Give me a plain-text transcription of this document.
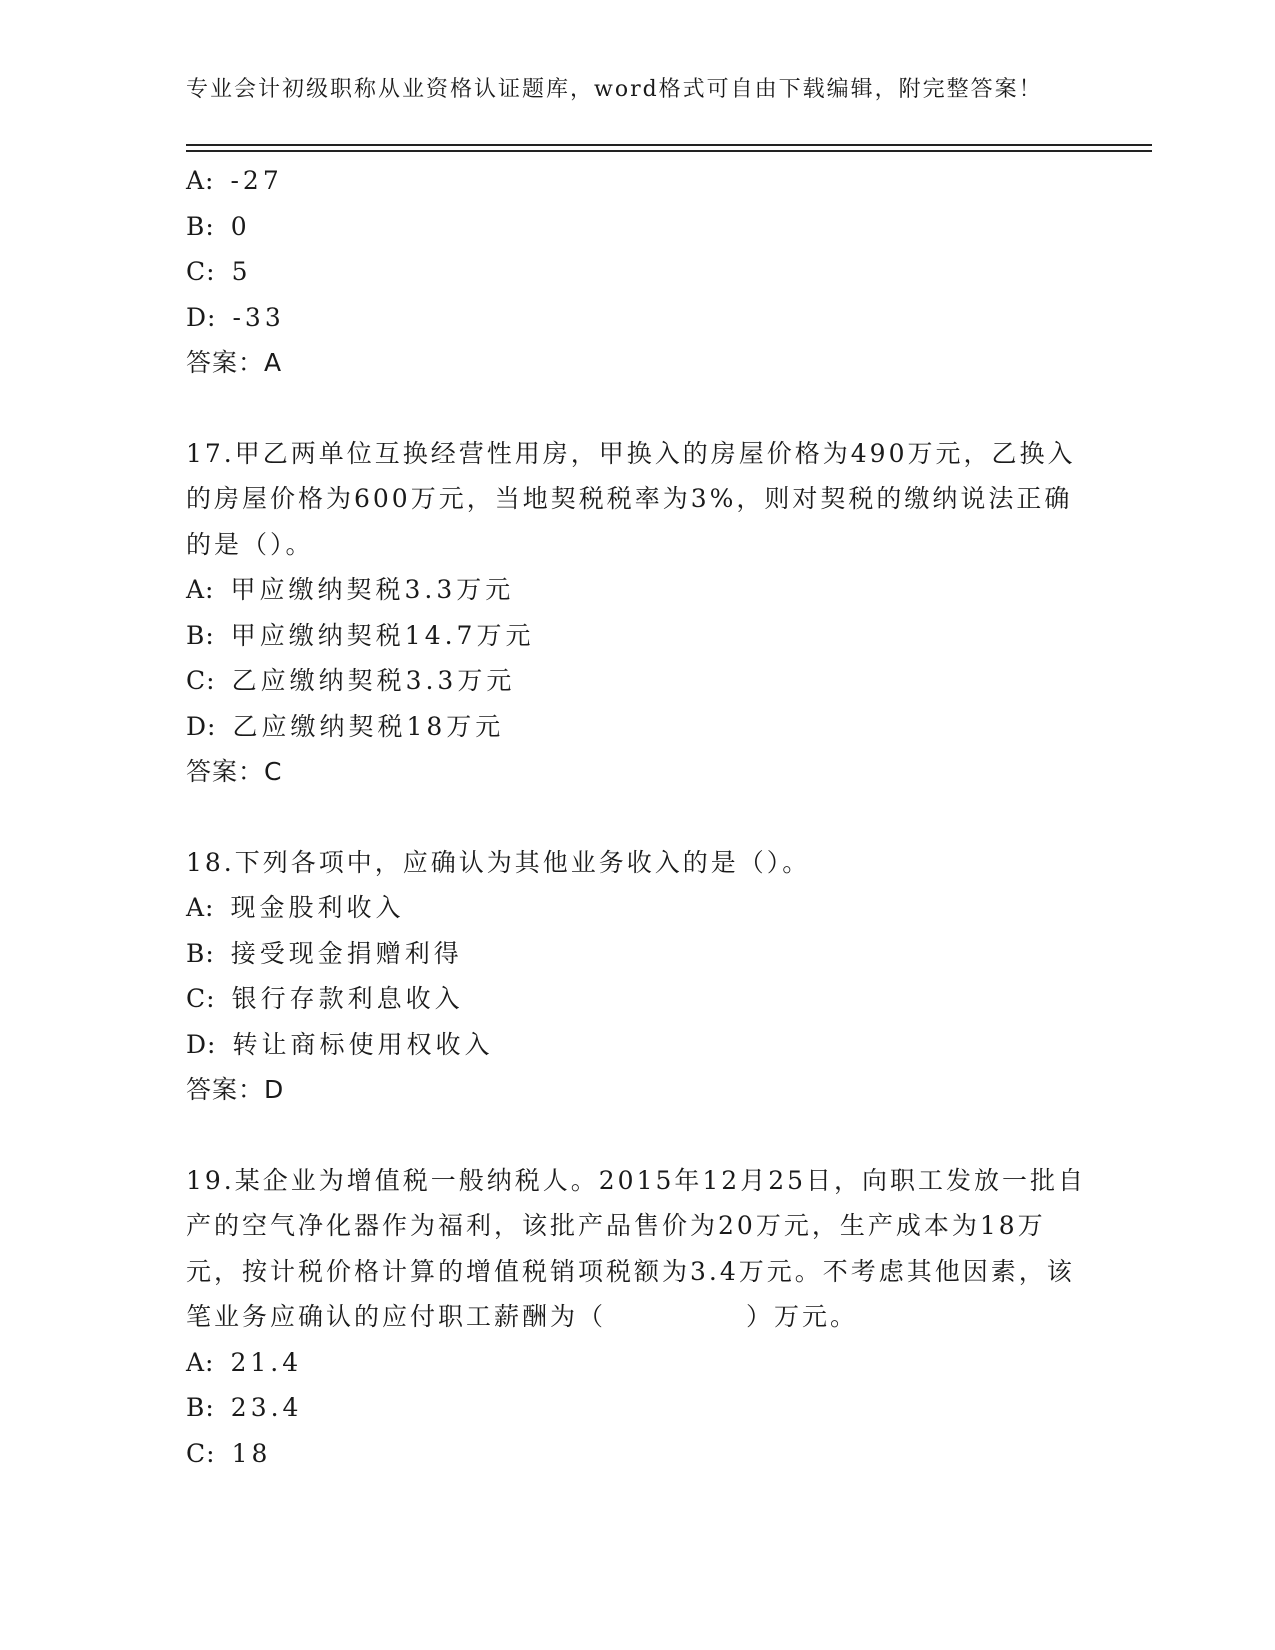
专业会计初级职称从业资格认证题库，word格式可自由下载编辑，附完整答案！
A: -27
B: 0
C: 5
D: -33
答案：A
17.甲乙两单位互换经营性用房，甲换入的房屋价格为490万元，乙换入的房屋价格为600万元，当地契税税率为3%，则对契税的缴纳说法正确的是（）。
A: 甲应缴纳契税3.3万元
B: 甲应缴纳契税14.7万元
C: 乙应缴纳契税3.3万元
D: 乙应缴纳契税18万元
答案：C
18.下列各项中，应确认为其他业务收入的是（）。
A: 现金股利收入
B: 接受现金捐赠利得
C: 银行存款利息收入
D: 转让商标使用权收入
答案：D
19.某企业为增值税一般纳税人。2015年12月25日，向职工发放一批自产的空气净化器作为福利，该批产品售价为20万元，生产成本为18万元，按计税价格计算的增值税销项税额为3.4万元。不考虑其他因素，该笔业务应确认的应付职工薪酬为（	）万元。
A: 21.4
B: 23.4
C: 18
